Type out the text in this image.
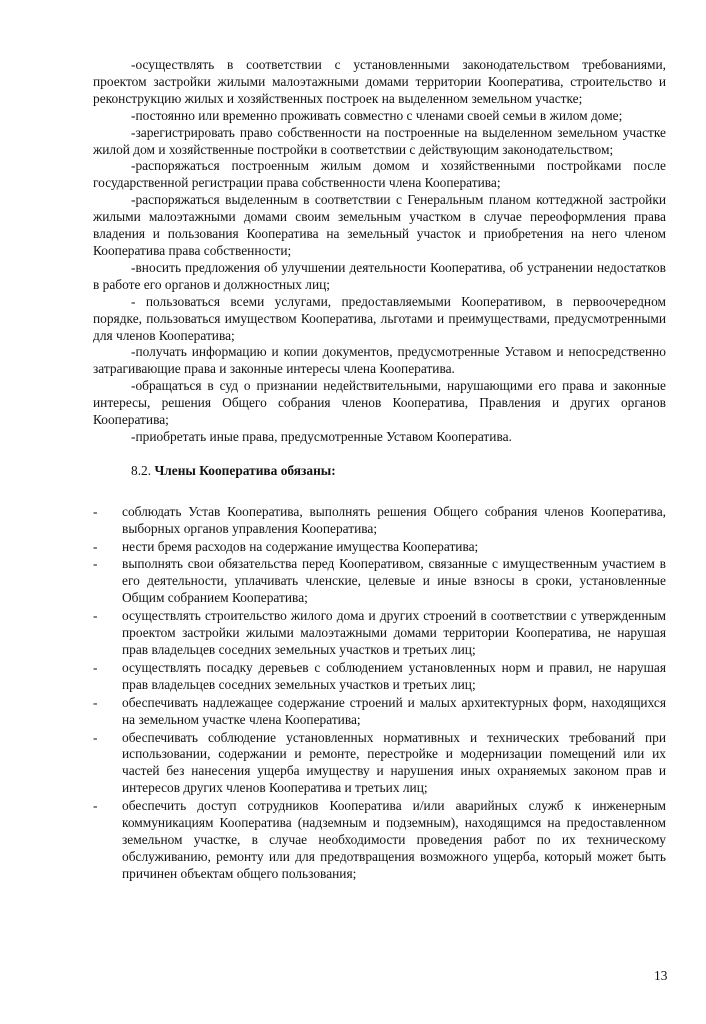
-осуществлять в соответствии с установленными законодательством требованиями, проектом застройки жилыми малоэтажными домами территории Кооператива, строительство и реконструкцию жилых и хозяйственных построек на выделенном земельном участке;

-постоянно или временно проживать совместно с членами своей семьи в жилом доме;

-зарегистрировать право собственности на построенные на выделенном земельном участке жилой дом и хозяйственные постройки в соответствии с действующим законодательством;

-распоряжаться построенным жилым домом и хозяйственными постройками после государственной регистрации права собственности члена Кооператива;

-распоряжаться выделенным в соответствии с Генеральным планом коттеджной застройки жилыми малоэтажными домами своим земельным участком в случае переоформления права владения и пользования Кооператива на земельный участок и приобретения на него членом Кооператива права собственности;

-вносить предложения об улучшении деятельности Кооператива, об устранении недостатков в работе его органов и должностных лиц;

- пользоваться всеми услугами, предоставляемыми Кооперативом, в первоочередном порядке, пользоваться имуществом Кооператива, льготами и преимуществами, предусмотренными для членов Кооператива;

-получать информацию и копии документов, предусмотренные Уставом и непосредственно затрагивающие права и законные интересы члена Кооператива.

-обращаться в суд о признании недействительными, нарушающими его права и законные интересы, решения Общего собрания членов Кооператива, Правления и других органов Кооператива;

-приобретать иные права, предусмотренные Уставом Кооператива.

8.2. Члены Кооператива обязаны:

- соблюдать Устав Кооператива, выполнять решения Общего собрания членов Кооператива, выборных органов управления Кооператива;
- нести бремя расходов на содержание имущества Кооператива;
- выполнять свои обязательства перед Кооперативом, связанные с имущественным участием в его деятельности, уплачивать членские, целевые и иные взносы в сроки, установленные Общим собранием Кооператива;
- осуществлять строительство жилого дома и других строений в соответствии с утвержденным проектом застройки жилыми малоэтажными домами территории Кооператива, не нарушая прав владельцев соседних земельных участков и третьих лиц;
- осуществлять посадку деревьев с соблюдением установленных норм и правил, не нарушая прав владельцев соседних земельных участков и третьих лиц;
- обеспечивать надлежащее содержание строений и малых архитектурных форм, находящихся на земельном участке члена Кооператива;
- обеспечивать соблюдение установленных нормативных и технических требований при использовании, содержании и ремонте, перестройке и модернизации помещений или их частей без нанесения ущерба имуществу и нарушения иных охраняемых законом прав и интересов других членов Кооператива и третьих лиц;
- обеспечить доступ сотрудников Кооператива и/или аварийных служб к инженерным коммуникациям Кооператива (надземным и подземным), находящимся на предоставленном земельном участке, в случае необходимости проведения работ по их техническому обслуживанию, ремонту или для предотвращения возможного ущерба, который может быть причинен объектам общего пользования;
13
